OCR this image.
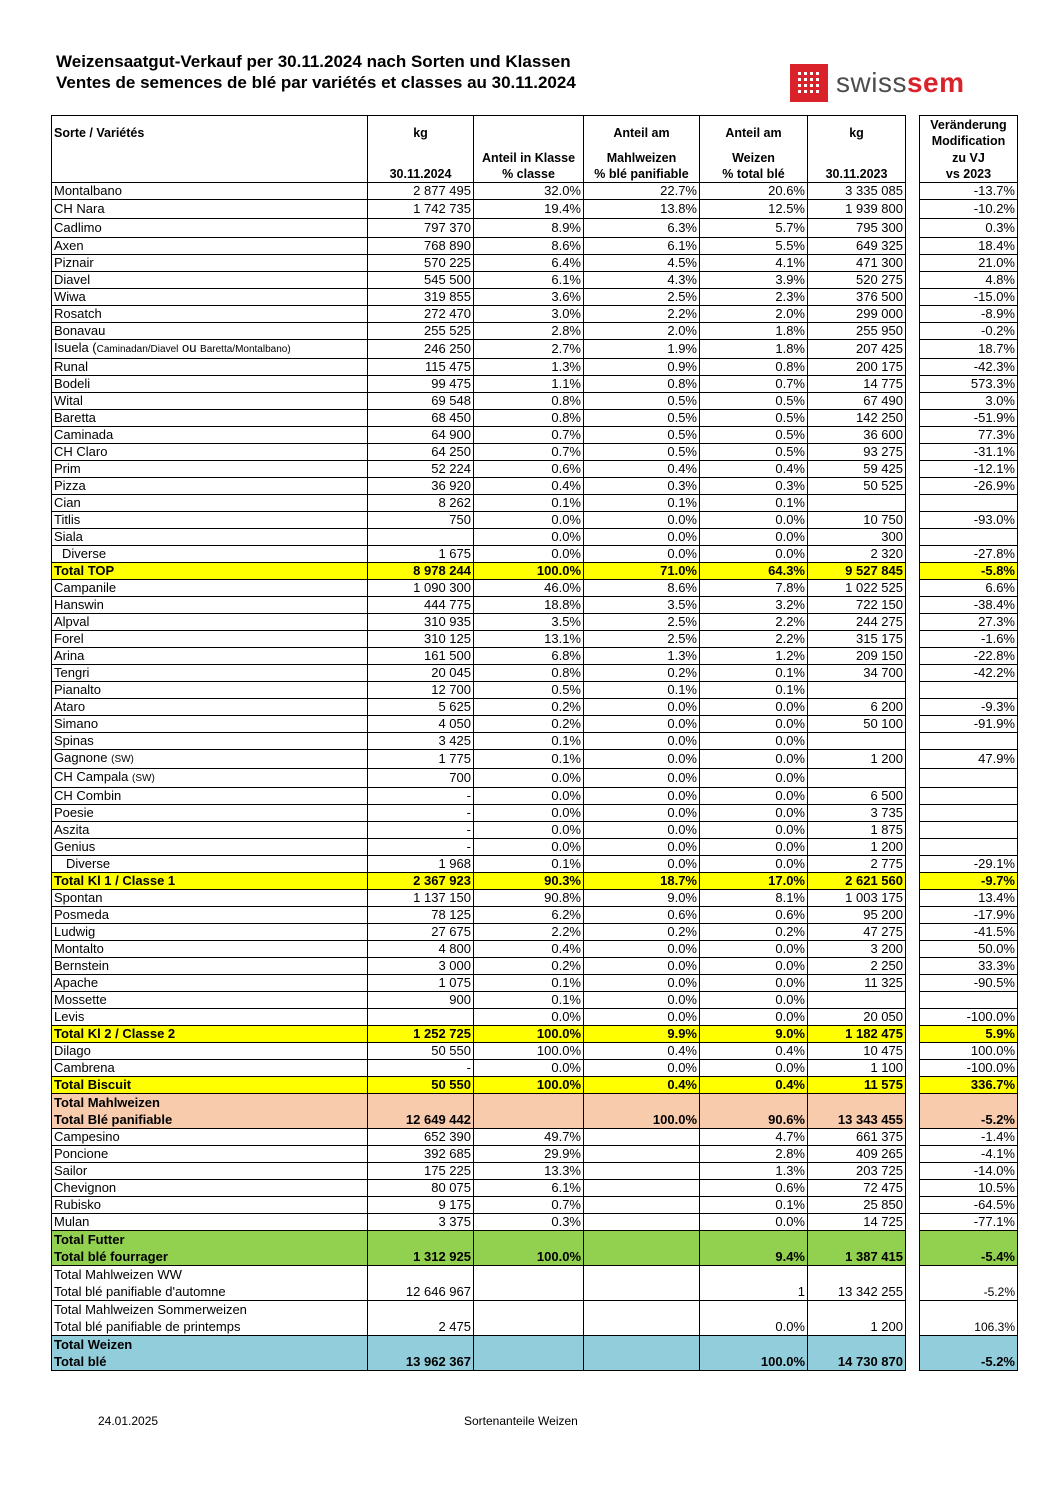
Weizensaatgut-Verkauf per 30.11.2024 nach Sorten und Klassen
Ventes de semences de blé par variétés et classes au 30.11.2024	swisssem
Sorte / Variétés	kg		Anteil am	Anteil am	kg		Veränderung
Modification

		Anteil in Klasse	Mahlweizen	Weizen			zu VJ
	30.11.2024	% classe	% blé panifiable	% total blé	30.11.2023		vs 2023
Montalbano	2 877 495	32.0%	22.7%	20.6%	3 335 085		-13.7%
CH Nara	1 742 735	19.4%	13.8%	12.5%	1 939 800		-10.2%
Cadlimo	797 370	8.9%	6.3%	5.7%	795 300		0.3%
Axen	768 890	8.6%	6.1%	5.5%	649 325		18.4%
Piznair	570 225	6.4%	4.5%	4.1%	471 300		21.0%
Diavel	545 500	6.1%	4.3%	3.9%	520 275		4.8%
Wiwa	319 855	3.6%	2.5%	2.3%	376 500		-15.0%
Rosatch	272 470	3.0%	2.2%	2.0%	299 000		-8.9%
Bonavau	255 525	2.8%	2.0%	1.8%	255 950		-0.2%
Isuela (Caminadan/Diavel ou Baretta/Montalbano)	246 250	2.7%	1.9%	1.8%	207 425		18.7%
Runal	115 475	1.3%	0.9%	0.8%	200 175		-42.3%
Bodeli	99 475	1.1%	0.8%	0.7%	14 775		573.3%
Wital	69 548	0.8%	0.5%	0.5%	67 490		3.0%
Baretta	68 450	0.8%	0.5%	0.5%	142 250		-51.9%
Caminada	64 900	0.7%	0.5%	0.5%	36 600		77.3%
CH Claro	64 250	0.7%	0.5%	0.5%	93 275		-31.1%
Prim	52 224	0.6%	0.4%	0.4%	59 425		-12.1%
Pizza	36 920	0.4%	0.3%	0.3%	50 525		-26.9%
Cian	8 262	0.1%	0.1%	0.1%			
Titlis	750	0.0%	0.0%	0.0%	10 750		-93.0%
Siala		0.0%	0.0%	0.0%	300		
Diverse	1 675	0.0%	0.0%	0.0%	2 320		-27.8%
Total TOP	8 978 244	100.0%	71.0%	64.3%	9 527 845		-5.8%
Campanile	1 090 300	46.0%	8.6%	7.8%	1 022 525		6.6%
Hanswin	444 775	18.8%	3.5%	3.2%	722 150		-38.4%
Alpval	310 935	3.5%	2.5%	2.2%	244 275		27.3%
Forel	310 125	13.1%	2.5%	2.2%	315 175		-1.6%
Arina	161 500	6.8%	1.3%	1.2%	209 150		-22.8%
Tengri	20 045	0.8%	0.2%	0.1%	34 700		-42.2%
Pianalto	12 700	0.5%	0.1%	0.1%			
Ataro	5 625	0.2%	0.0%	0.0%	6 200		-9.3%
Simano	4 050	0.2%	0.0%	0.0%	50 100		-91.9%
Spinas	3 425	0.1%	0.0%	0.0%			
Gagnone (SW)	1 775	0.1%	0.0%	0.0%	1 200		47.9%
CH Campala (SW)	700	0.0%	0.0%	0.0%			
CH Combin	-	0.0%	0.0%	0.0%	6 500		
Poesie	-	0.0%	0.0%	0.0%	3 735		
Aszita	-	0.0%	0.0%	0.0%	1 875		
Genius	-	0.0%	0.0%	0.0%	1 200		
Diverse	1 968	0.1%	0.0%	0.0%	2 775		-29.1%
Total Kl 1 / Classe 1	2 367 923	90.3%	18.7%	17.0%	2 621 560		-9.7%
Spontan	1 137 150	90.8%	9.0%	8.1%	1 003 175		13.4%
Posmeda	78 125	6.2%	0.6%	0.6%	95 200		-17.9%
Ludwig	27 675	2.2%	0.2%	0.2%	47 275		-41.5%
Montalto	4 800	0.4%	0.0%	0.0%	3 200		50.0%
Bernstein	3 000	0.2%	0.0%	0.0%	2 250		33.3%
Apache	1 075	0.1%	0.0%	0.0%	11 325		-90.5%
Mossette	900	0.1%	0.0%	0.0%			
Levis		0.0%	0.0%	0.0%	20 050		-100.0%
Total Kl 2 / Classe 2	1 252 725	100.0%	9.9%	9.0%	1 182 475		5.9%
Dilago	50 550	100.0%	0.4%	0.4%	10 475		100.0%
Cambrena	-	0.0%	0.0%	0.0%	1 100		-100.0%
Total Biscuit	50 550	100.0%	0.4%	0.4%	11 575		336.7%

Total Mahlweizen
Total Blé panifiable	12 649 442		100.0%	90.6%	13 343 455		-5.2%
Campesino	652 390	49.7%		4.7%	661 375		-1.4%
Poncione	392 685	29.9%		2.8%	409 265		-4.1%
Sailor	175 225	13.3%		1.3%	203 725		-14.0%
Chevignon	80 075	6.1%		0.6%	72 475		10.5%
Rubisko	9 175	0.7%		0.1%	25 850		-64.5%
Mulan	3 375	0.3%		0.0%	14 725		-77.1%

Total Futter
Total blé fourrager	1 312 925	100.0%		9.4%	1 387 415		-5.4%

Total Mahlweizen WW
Total blé panifiable d'automne	12 646 967			1	13 342 255		-5.2%

Total Mahlweizen Sommerweizen
Total blé panifiable de printemps	2 475			0.0%	1 200		106.3%

Total Weizen
Total blé	13 962 367			100.0%	14 730 870		-5.2%
24.01.2025	Sortenanteile Weizen
